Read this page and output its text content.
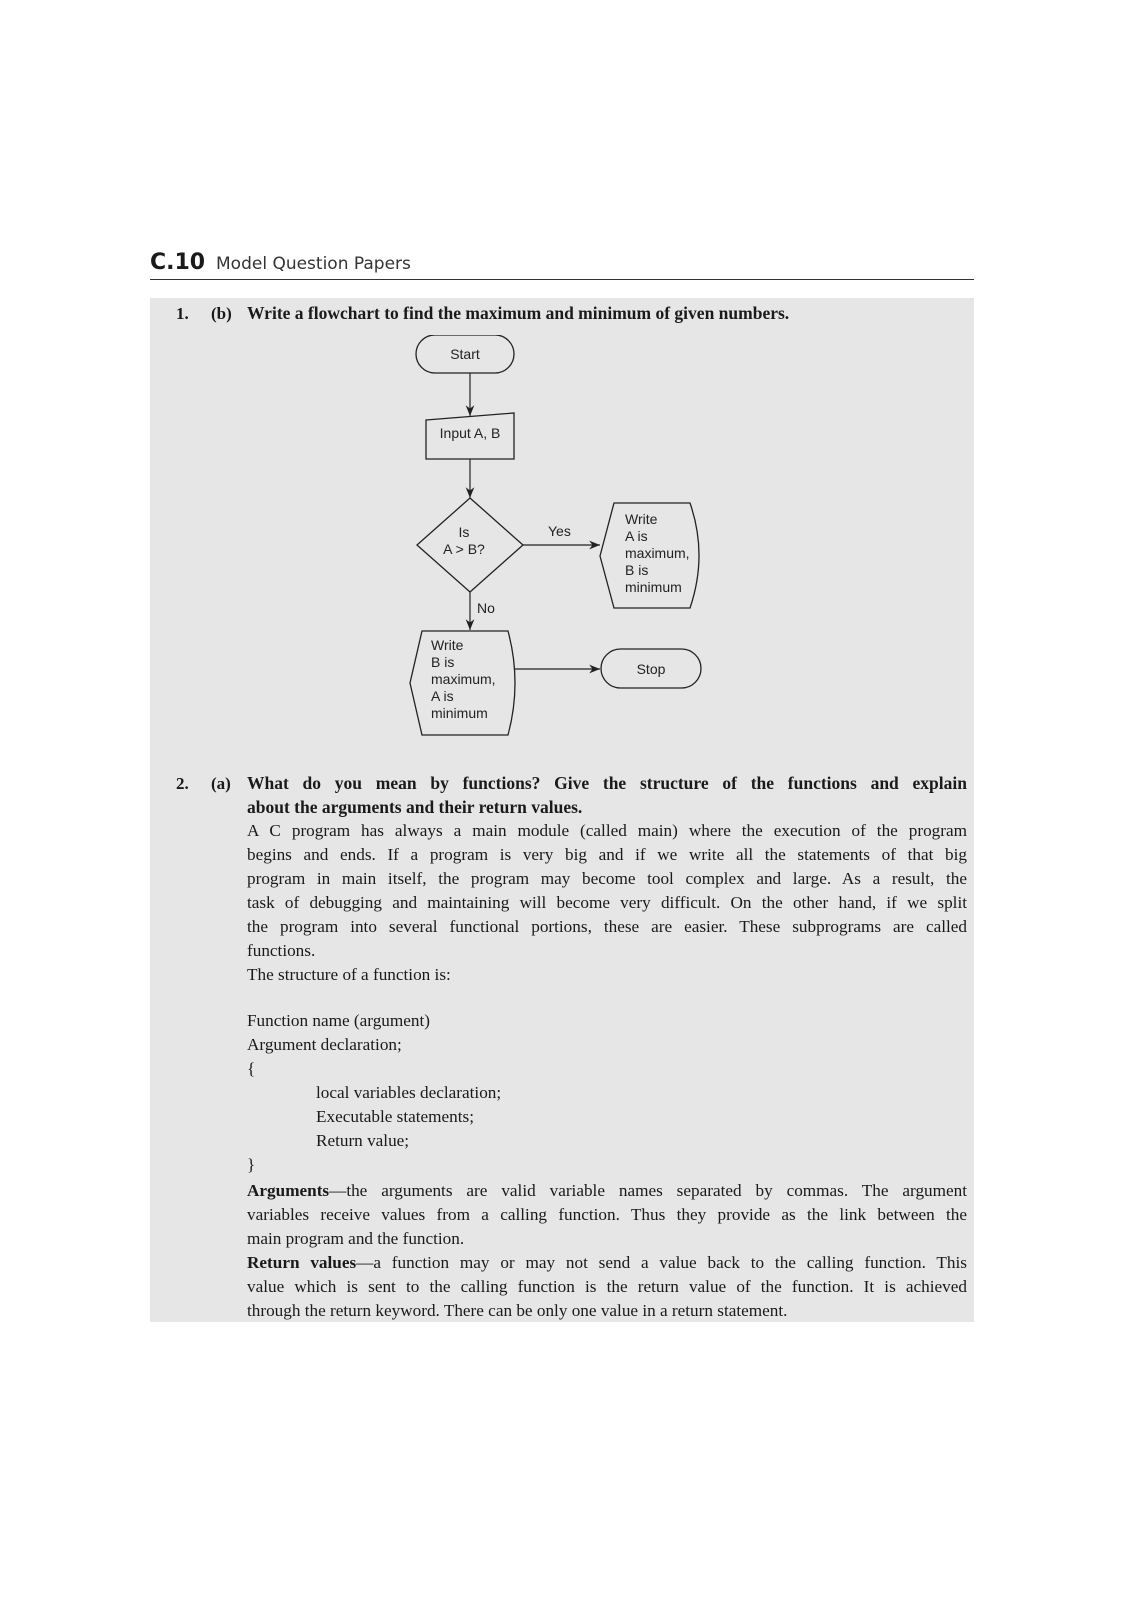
C.10 Model Question Papers
1. (b) Write a flowchart to find the maximum and minimum of given numbers.
Start
Input A, B
Is
A > B?
Yes
Write
A is
maximum,
B is
minimum
No
Write
B is
maximum,
A is
minimum
Stop
2. (a) What do you mean by functions? Give the structure of the functions and explain
about the arguments and their return values.
A C program has always a main module (called main) where the execution of the program
begins and ends. If a program is very big and if we write all the statements of that big
program in main itself, the program may become tool complex and large. As a result, the
task of debugging and maintaining will become very difficult. On the other hand, if we split
the program into several functional portions, these are easier. These subprograms are called
functions.
The structure of a function is:
Function name (argument)
Argument declaration;
{
local variables declaration;
Executable statements;
Return value;
}
Arguments—the arguments are valid variable names separated by commas. The argument
variables receive values from a calling function. Thus they provide as the link between the
main program and the function.
Return values—a function may or may not send a value back to the calling function. This
value which is sent to the calling function is the return value of the function. It is achieved
through the return keyword. There can be only one value in a return statement.
